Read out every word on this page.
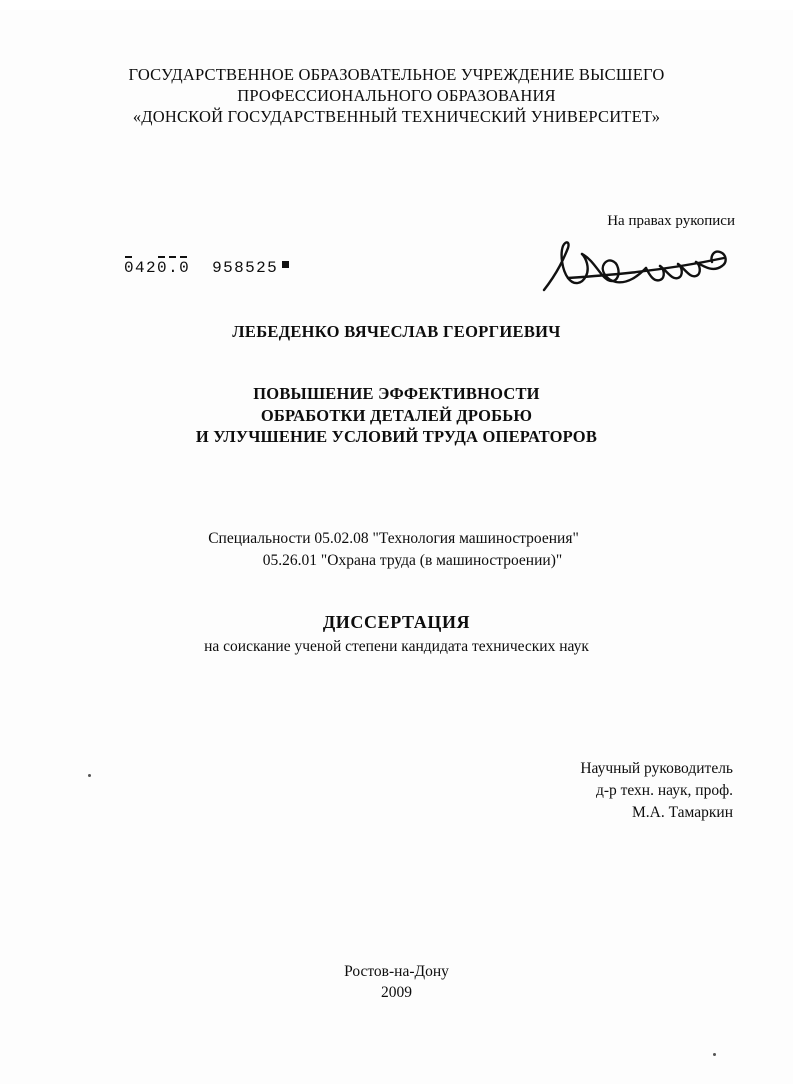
ГОСУДАРСТВЕННОЕ ОБРАЗОВАТЕЛЬНОЕ УЧРЕЖДЕНИЕ ВЫСШЕГО
ПРОФЕССИОНАЛЬНОГО ОБРАЗОВАНИЯ
«ДОНСКОЙ ГОСУДАРСТВЕННЫЙ ТЕХНИЧЕСКИЙ УНИВЕРСИТЕТ»
На правах рукописи
0420.0  958525
ЛЕБЕДЕНКО ВЯЧЕСЛАВ ГЕОРГИЕВИЧ
ПОВЫШЕНИЕ ЭФФЕКТИВНОСТИ
ОБРАБОТКИ ДЕТАЛЕЙ ДРОБЬЮ
И УЛУЧШЕНИЕ УСЛОВИЙ ТРУДА ОПЕРАТОРОВ
Специальности 05.02.08 "Технология машиностроения"
05.26.01 "Охрана труда (в машиностроении)"
ДИССЕРТАЦИЯ
на соискание ученой степени кандидата технических наук
Научный руководитель
д-р техн. наук, проф.
М.А. Тамаркин
Ростов-на-Дону
2009
